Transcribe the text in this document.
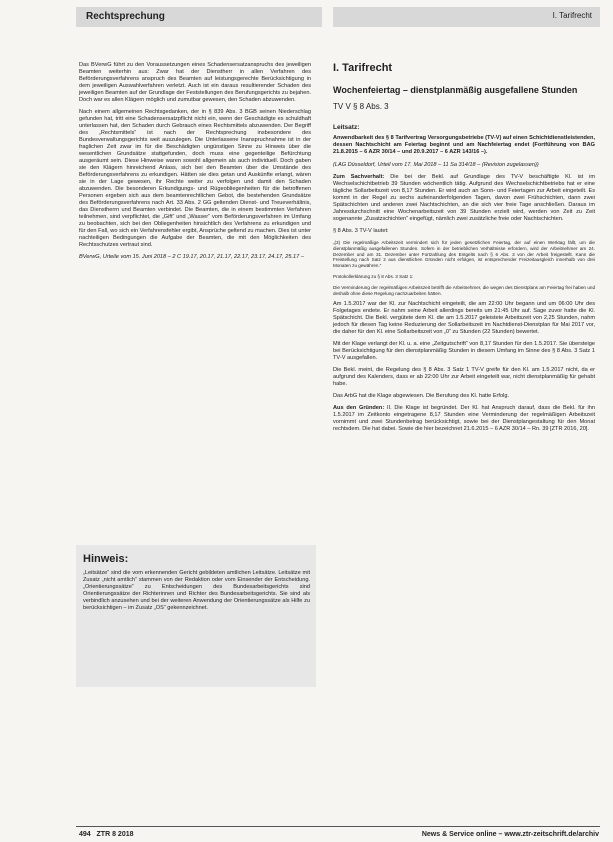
Rechtsprechung	I. Tarifrecht

Das BVerwG führt zu den Voraussetzungen eines Schadensersatzanspruchs des jeweiligen Beamten weiterhin aus: Zwar hat der Dienstherr in allen Verfahren des Beförderungsverfahrens anspruch des Beamten auf leistungsgerechte Berücksichtigung in dem jeweiligen Auswahlverfahren verletzt. Auch ist ein daraus resultierender Schaden des jeweiligen Beamten auf der Grundlage der Feststellungen des Berufungsgerichts zu bejahen. Doch war es allen Klägern möglich und zumutbar gewesen, den Schaden abzuwenden.

Nach einem allgemeinen Rechtsgedanken, der in § 839 Abs. 3 BGB seinen Niederschlag gefunden hat, tritt eine Schadensersatzpflicht nicht ein, wenn der Geschädigte es schuldhaft unterlassen hat, den Schaden durch Gebrauch eines Rechtsmittels abzuwenden. Der Begriff des „Rechtsmittels“ ist nach der Rechtsprechung insbesondere des Bundesverwaltungsgerichts weit auszulegen. Die Unterlassene Inanspruchnahme ist in der fraglichen Zeit zwar im für die Beschädigten ungünstigen Sinne zu Hinweis über die wesentlichen Grundsätze stattgefunden, doch muss eine gegenteilige Befürchtung ausgeräumt sein. Diese Hinweise waren sowohl allgemein als auch individuell. Doch gaben sie den Klägern hinreichend Anlass, sich bei den Beamten über die Umstände des Beförderungsverfahrens zu erkundigen. Hätten sie dies getan und Auskünfte erlangt, wären sie in der Lage gewesen, ihr Rechte weiter zu verfolgen und damit den Schaden abzuwenden. Die besonderen Erkundigungs- und Rügeobliegenheiten für die betroffenen Personen ergeben sich aus dem beamtenrechtlichen Gebot, die bestehenden Grundsätze des Beförderungsverfahrens nach Art. 33 Abs. 2 GG geltenden Dienst- und Treueverhältnis, das Dienstherrn und Beamten verbindet. Die Beamten, die in einem bestimmten Verfahren teilnehmen, sind verpflichtet, die „Gift“ und „Wasser“ vom Beförderungsverfahren im Umfang zu beobachten, sich bei den Obliegenheiten hinsichtlich des Verfahrens zu erkundigen und für den Fall, wo sich ein Verfahrensfehler ergibt, Ansprüche geltend zu machen. Dies ist unter nachteiligen Bedingungen die Aufgabe der Beamten, die mit den Möglichkeiten des Rechtsschutzes vertraut sind.

BVerwG, Urteile vom 15. Juni 2018 – 2 C 19.17, 20.17, 21.17, 22.17, 23.17, 24.17, 25.17 –

Hinweis:

„Leitsätze“ sind die vom erkennenden Gericht gebildeten amtlichen Leitsätze. Leitsätze mit Zusatz „nicht amtlich“ stammen von der Redaktion oder vom Einsender der Entscheidung. „Orientierungssätze“ zu Entscheidungen des Bundesarbeitsgerichts sind Orientierungssätze der Richterinnen und Richter des Bundesarbeitsgerichts. Sie sind als verbindlich anzusehen und bei der weiteren Anwendung der Orientierungssätze als Hilfe zu berücksichtigen – im Zusatz „OS“ gekennzeichnet.

I. Tarifrecht
Wochenfeiertag – dienstplanmäßig ausgefallene Stunden
TV V § 8 Abs. 3
Leitsatz:
Anwendbarkeit des § 8 Tarifvertrag Versorgungsbetriebe (TV-V) auf einen Schichtdienstleistenden, dessen Nachtschicht am Feiertag beginnt und am Nachfeiertag endet (Fortführung von BAG 21.8.2015 – 6 AZR 30/14 – und 20.9.2017 – 6 AZR 143/16 –).

(LAG Düsseldorf, Urteil vom 17. Mai 2018 – 11 Sa 314/18 – (Revision zugelassen))

Zum Sachverhalt: Die bei der Bekl. auf Grundlage des TV-V beschäftigte Kl. ist im Wechselschichtbetrieb 39 Stunden wöchentlich tätig. Aufgrund des Wechselschichtbetriebs hat er eine tägliche Sollarbeitszeit von 8,17 Stunden. Er wird auch an Sonn- und Feiertagen zur Arbeit eingeteilt. Es kommt in der Regel zu sechs aufeinanderfolgenden Tagen, davon zwei Frühschichten, dann zwei Spätschichten und anderen zwei Nachtschichten, an die sich vier freie Tage anschließen. Daraus im Jahresdurchschnitt eine Wochenarbeitszeit von 39 Stunden erzielt wird, werden von Zeit zu Zeit sogenannte „Zusatzschichten“ eingefügt, nämlich zwei zusätzliche freie oder Nachtschichten.

§ 8 Abs. 3 TV-V lautet:

„(3) Die regelmäßige Arbeitszeit vermindert sich für jeden gesetzlichen Feiertag, der auf einen Werktag fällt, um die dienstplanmäßig ausgefallenen Stunden. Sofern in der betrieblichen Verhältnisse erfordern, wird der Arbeitnehmer am 24. Dezember und am 31. Dezember unter Fortzahlung des Entgelts nach § 6 Abs. 3 von der Arbeit freigestellt. Kann die Freistellung nach Satz 2 aus dienstlichen Gründen nicht erfolgen, ist entsprechender Freizeitausgleich innerhalb von drei Monaten zu gewähren.“

Protokollerklärung zu § 8 Abs. 3 Satz 1:

Die Verminderung der regelmäßigen Arbeitszeit betrifft die Arbeitnehmer, die wegen des Dienstplans am Feiertag frei haben und deshalb ohne diese Regelung nachzuarbeiten hätten.

Am 1.5.2017 war der Kl. zur Nachtschicht eingeteilt, die am 22:00 Uhr begann und um 06:00 Uhr des Folgetages endete. Er nahm seine Arbeit allerdings bereits um 21:45 Uhr auf. Sage zuvor hatte die Kl. Spätschicht. Die Bekl. vergütete dem Kl. die am 1.5.2017 geleistete Arbeitszeit von 2,25 Stunden, nahm jedoch für diesen Tag keine Reduzierung der Sollarbeitszeit im Nachtdienst-Dienstplan für Mai 2017 vor, die daher für den Kl. eine Sollarbeitszeit von „0“ zu Stunden (22 Stunden) bewertet.

Mit der Klage verlangt der Kl. u. a. eine „Zeitgutschrift“ von 8,17 Stunden für den 1.5.2017. Sie übersteige bei Berücksichtigung für den dienstplanmäßig Stunden in diesem Umfang im Sinne des § 8 Abs. 3 Satz 1 TV-V ausgefallen.

Die Bekl. meint, die Regelung des § 8 Abs. 3 Satz 1 TV-V greife für den Kl. am 1.5.2017 nicht, da er aufgrund des Kalenders, dass er ab 22:00 Uhr zur Arbeit eingeteilt war, nicht dienstplanmäßig für gehabt habe.

Das ArbG hat die Klage abgewiesen. Die Berufung des Kl. hatte Erfolg.

Aus den Gründen: II. Die Klage ist begründet. Der Kl. hat Anspruch darauf, dass die Bekl. für ihn 1.5.2017 im Zeitkonto eingetragene 8,17 Stunden eine Verminderung der regelmäßigen Arbeitszeit vornimmt und zwei Stundenbetrag berücksichtigt, sowie bei der Dienstplangestaltung für den Monat rechtsdem. Die hat dabei. Sowie die hier bezeichnet 21.6.2015 – 6 AZR 30/14 – Rn. 39 [ZTR 2016, 20].

494 ZTR 8 2018	News & Service online – www.ztr-zeitschrift.de/archiv
